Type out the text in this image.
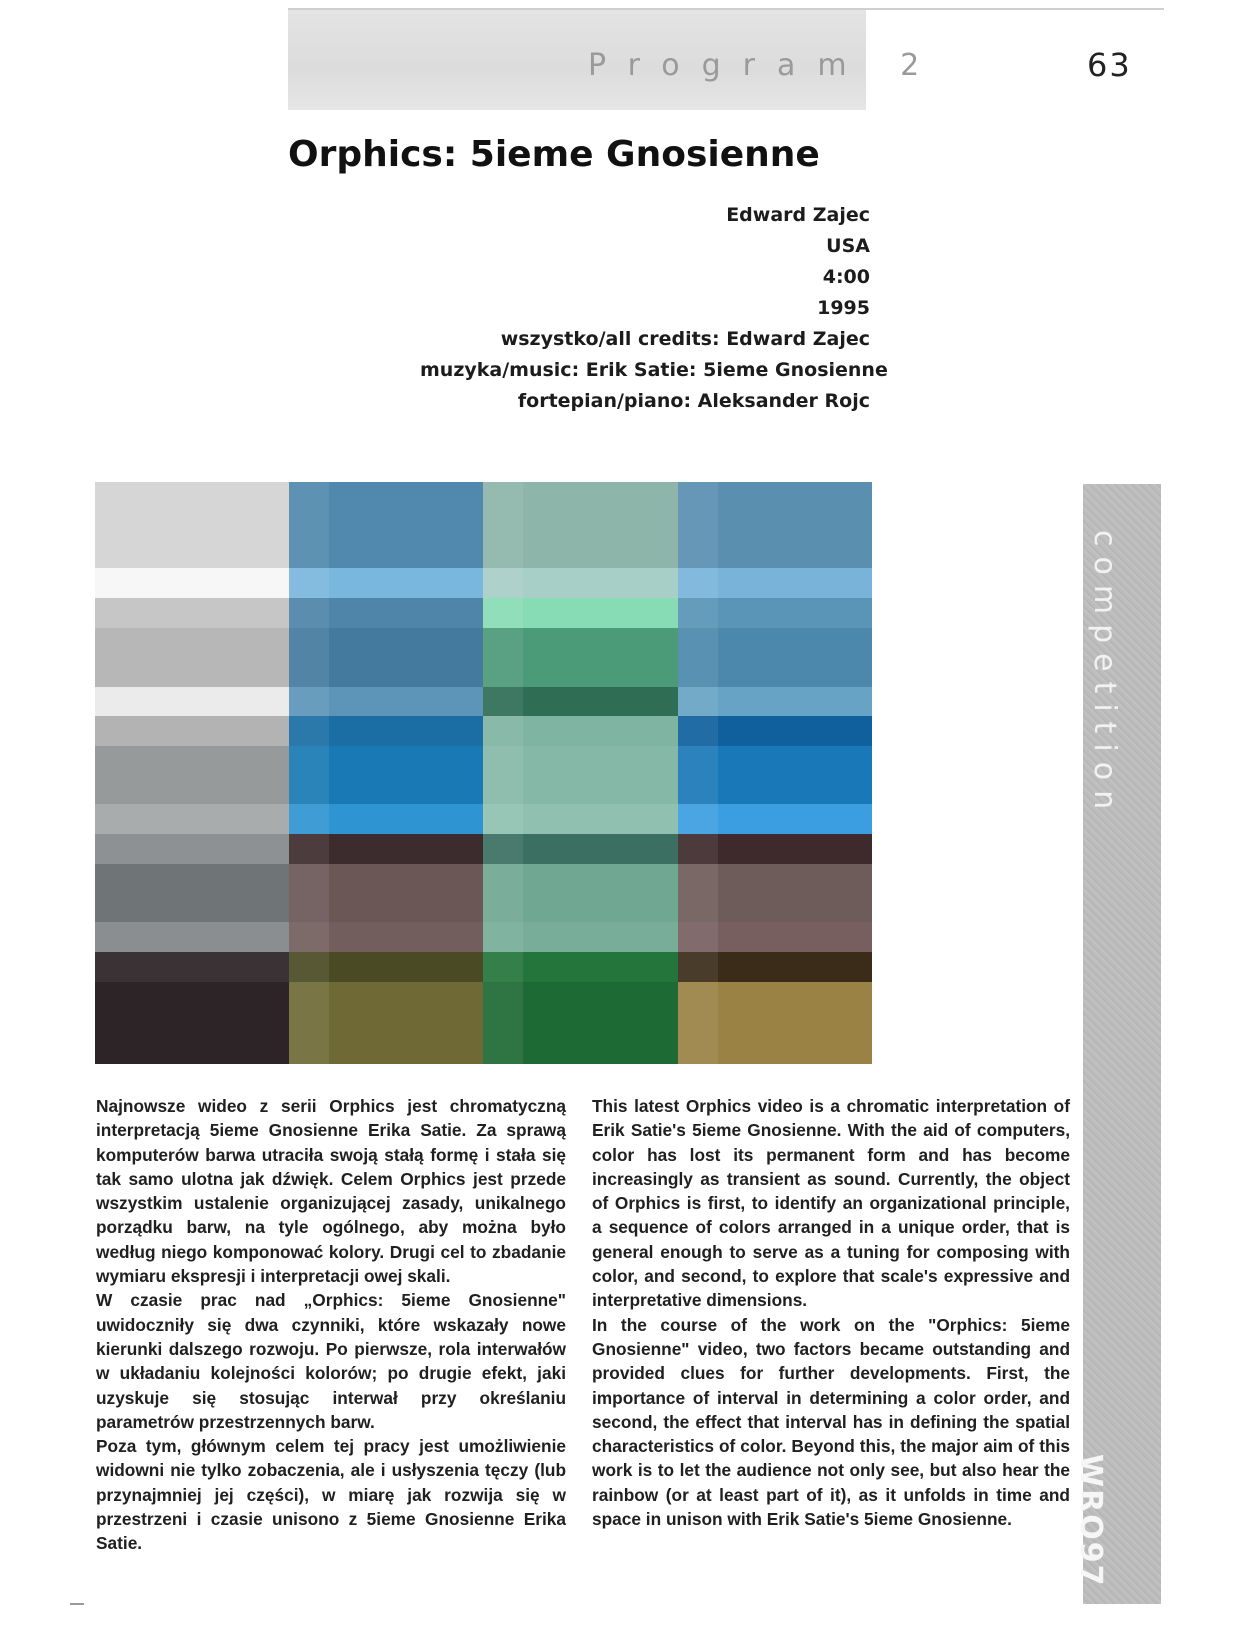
Program 2	63
Orphics: 5ieme Gnosienne
Edward Zajec
USA
4:00
1995
wszystko/all credits: Edward Zajec
muzyka/music: Erik Satie: 5ieme Gnosienne
fortepian/piano: Aleksander Rojc
competition
WRO97

Najnowsze wideo z serii Orphics jest chromatyczną interpretacją 5ieme Gnosienne Erika Satie. Za sprawą komputerów barwa utraciła swoją stałą formę i stała się tak samo ulotna jak dźwięk. Celem Orphics jest przede wszystkim ustalenie organizującej zasady, unikalnego porządku barw, na tyle ogólnego, aby można było według niego komponować kolory. Drugi cel to zbadanie wymiaru ekspresji i interpretacji owej skali.

W czasie prac nad „Orphics: 5ieme Gnosienne" uwidoczniły się dwa czynniki, które wskazały nowe kierunki dalszego rozwoju. Po pierwsze, rola interwałów w układaniu kolejności kolorów; po drugie efekt, jaki uzyskuje się stosując interwał przy określaniu parametrów przestrzennych barw.

Poza tym, głównym celem tej pracy jest umożliwienie widowni nie tylko zobaczenia, ale i usłyszenia tęczy (lub przynajmniej jej części), w miarę jak rozwija się w przestrzeni i czasie unisono z 5ieme Gnosienne Erika Satie.

This latest Orphics video is a chromatic interpretation of Erik Satie's 5ieme Gnosienne. With the aid of computers, color has lost its permanent form and has become increasingly as transient as sound. Currently, the object of Orphics is first, to identify an organizational principle, a sequence of colors arranged in a unique order, that is general enough to serve as a tuning for composing with color, and second, to explore that scale's expressive and interpretative dimensions.

In the course of the work on the "Orphics: 5ieme Gnosienne" video, two factors became outstanding and provided clues for further developments. First, the importance of interval in determining a color order, and second, the effect that interval has in defining the spatial characteristics of color. Beyond this, the major aim of this work is to let the audience not only see, but also hear the rainbow (or at least part of it), as it unfolds in time and space in unison with Erik Satie's 5ieme Gnosienne.
